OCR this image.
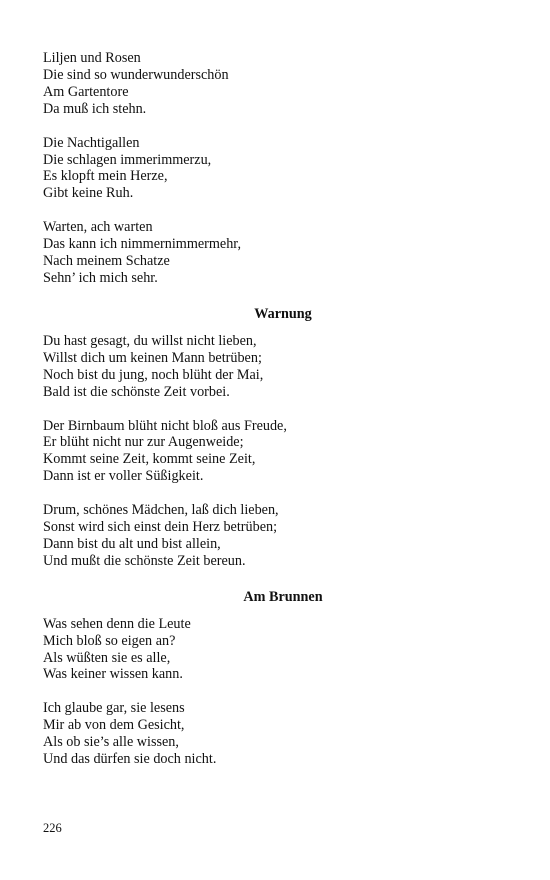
Liljen und Rosen
Die sind so wunderwunderschön
Am Gartentore
Da muß ich stehn.
Die Nachtigallen
Die schlagen immerimmerzu,
Es klopft mein Herze,
Gibt keine Ruh.
Warten, ach warten
Das kann ich nimmernimmermehr,
Nach meinem Schatze
Sehn’ ich mich sehr.
Warnung
Du hast gesagt, du willst nicht lieben,
Willst dich um keinen Mann betrüben;
Noch bist du jung, noch blüht der Mai,
Bald ist die schönste Zeit vorbei.
Der Birnbaum blüht nicht bloß aus Freude,
Er blüht nicht nur zur Augenweide;
Kommt seine Zeit, kommt seine Zeit,
Dann ist er voller Süßigkeit.
Drum, schönes Mädchen, laß dich lieben,
Sonst wird sich einst dein Herz betrüben;
Dann bist du alt und bist allein,
Und mußt die schönste Zeit bereun.
Am Brunnen
Was sehen denn die Leute
Mich bloß so eigen an?
Als wüßten sie es alle,
Was keiner wissen kann.
Ich glaube gar, sie lesens
Mir ab von dem Gesicht,
Als ob sie’s alle wissen,
Und das dürfen sie doch nicht.
226
